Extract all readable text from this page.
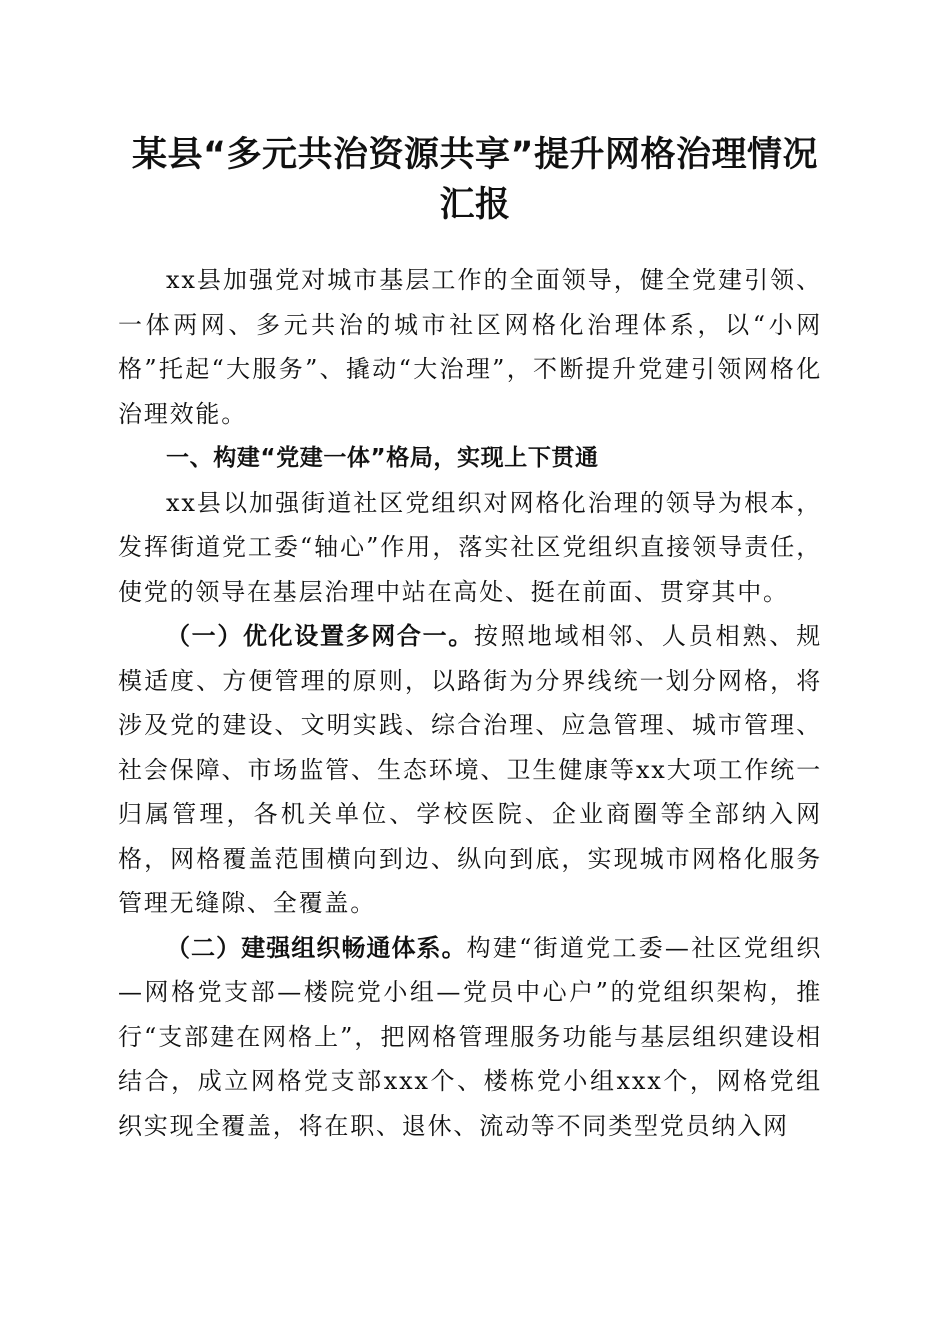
某县“多元共治资源共享”提升网格治理情况
汇报

xx县加强党对城市基层工作的全面领导，健全党建引领、一体两网、多元共治的城市社区网格化治理体系，以“小网格”托起“大服务”、撬动“大治理”，不断提升党建引领网格化治理效能。

一、构建“党建一体”格局，实现上下贯通

xx县以加强街道社区党组织对网格化治理的领导为根本，发挥街道党工委“轴心”作用，落实社区党组织直接领导责任，使党的领导在基层治理中站在高处、挺在前面、贯穿其中。

（一）优化设置多网合一。按照地域相邻、人员相熟、规模适度、方便管理的原则，以路街为分界线统一划分网格，将涉及党的建设、文明实践、综合治理、应急管理、城市管理、社会保障、市场监管、生态环境、卫生健康等xx大项工作统一归属管理，各机关单位、学校医院、企业商圈等全部纳入网格，网格覆盖范围横向到边、纵向到底，实现城市网格化服务管理无缝隙、全覆盖。

（二）建强组织畅通体系。构建“街道党工委—社区党组织—网格党支部—楼院党小组—党员中心户”的党组织架构，推行“支部建在网格上”，把网格管理服务功能与基层组织建设相结合，成立网格党支部xxx个、楼栋党小组xxx个，网格党组织实现全覆盖，将在职、退休、流动等不同类型党员纳入网
